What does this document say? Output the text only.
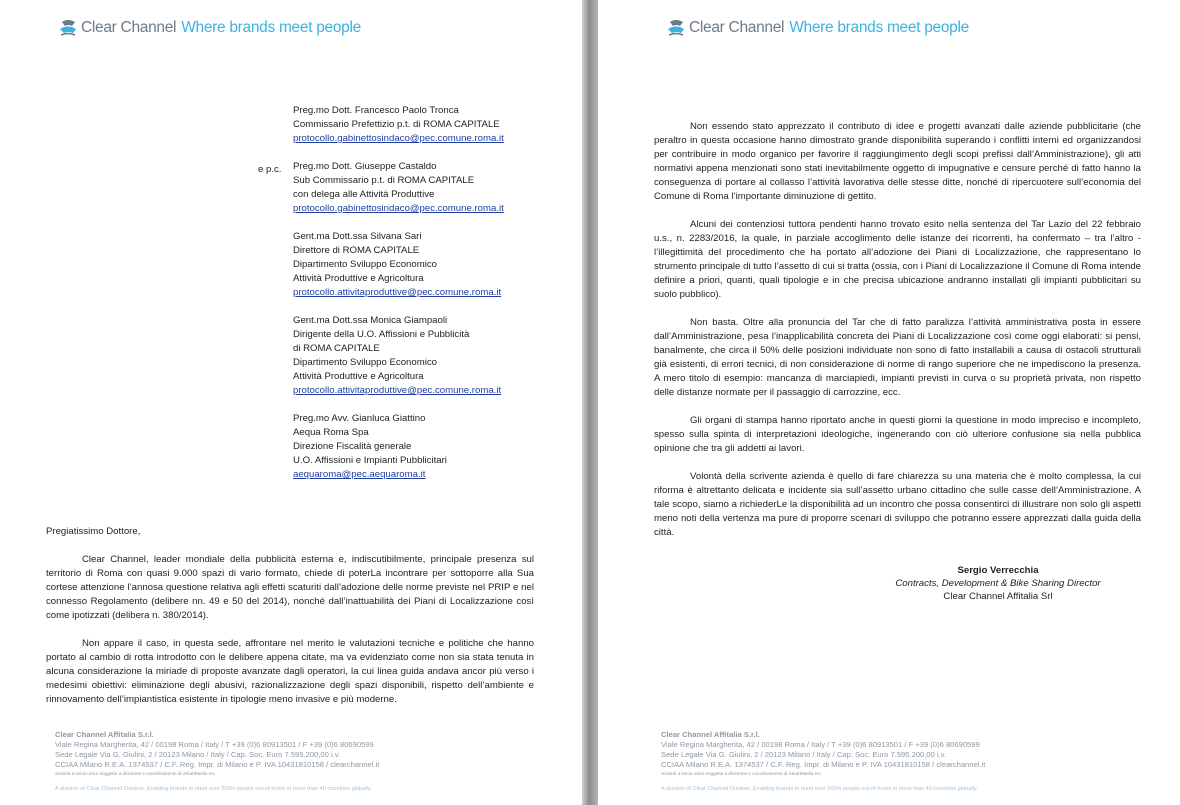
Clear Channel Where brands meet people
Preg.mo Dott. Francesco Paolo Tronca
Commissario Prefettizio p.t. di ROMA CAPITALE
protocollo.gabinettosindaco@pec.comune.roma.it
Preg.mo Dott. Giuseppe Castaldo
Sub Commissario p.t. di ROMA CAPITALE
con delega alle Attività Produttive
protocollo.gabinettosindaco@pec.comune.roma.it
Gent.ma Dott.ssa Silvana Sari
Direttore di ROMA CAPITALE
Dipartimento Sviluppo Economico
Attività Produttive e Agricoltura
protocollo.attivitaproduttive@pec.comune.roma.it
Gent.ma Dott.ssa Monica Giampaoli
Dirigente della U.O. Affissioni e Pubblicità
di ROMA CAPITALE
Dipartimento Sviluppo Economico
Attività Produttive e Agricoltura
protocollo.attivitaproduttive@pec.comune.roma.it
Preg.mo Avv. Gianluca Giattino
Aequa Roma Spa
Direzione Fiscalità generale
U.O. Affissioni e Impianti Pubblicitari
aequaroma@pec.aequaroma.it
e p.c.

Pregiatissimo Dottore,

Clear Channel, leader mondiale della pubblicità esterna e, indiscutibilmente, principale presenza sul territorio di Roma con quasi 9.000 spazi di vario formato, chiede di poterLa incontrare per sottoporre alla Sua cortese attenzione l’annosa questione relativa agli effetti scaturiti dall’adozione delle norme previste nel PRIP e nel connesso Regolamento (delibere nn. 49 e 50 del 2014), nonché dall’inattuabilità dei Piani di Localizzazione così come ipotizzati (delibera n. 380/2014).

Non appare il caso, in questa sede, affrontare nel merito le valutazioni tecniche e politiche che hanno portato al cambio di rotta introdotto con le delibere appena citate, ma va evidenziato come non sia stata tenuta in alcuna considerazione la miriade di proposte avanzate dagli operatori, la cui linea guida andava ancor più verso i medesimi obiettivi: eliminazione degli abusivi, razionalizzazione degli spazi disponibili, rispetto dell’ambiente e rinnovamento dell’impiantistica esistente in tipologie meno invasive e più moderne.

Clear Channel Affitalia S.r.l.
Viale Regina Margherita, 42 / 00198 Roma / Italy / T +39 (0)6 80913501 / F +39 (0)6 80690599
Sede Legale Via G. Giulini, 2 / 20123 Milano / Italy / Cap. Soc. Euro 7.595.200,00 i.v.
CCIAA Milano R.E.A. 1374537 / C.F. Reg. Impr. di Milano e P. IVA 10431810158 / clearchannel.it
Società a socio unico soggetta a direzione e coordinamento di iHeartMedia Inc.
A division of Clear Channel Outdoor. Enabling brands to meet over 500m people out-of-home in more than 40 countries globally.
Clear Channel Where brands meet people

Non essendo stato apprezzato il contributo di idee e progetti avanzati dalle aziende pubblicitarie (che peraltro in questa occasione hanno dimostrato grande disponibilità superando i conflitti interni ed organizzandosi per contribuire in modo organico per favorire il raggiungimento degli scopi prefissi dall’Amministrazione), gli atti normativi appena menzionati sono stati inevitabilmente oggetto di impugnative e censure perché di fatto hanno la conseguenza di portare al collasso l’attività lavorativa delle stesse ditte, nonché di ripercuotere sull’economia del Comune di Roma l’importante diminuzione di gettito.

Alcuni dei contenziosi tuttora pendenti hanno trovato esito nella sentenza del Tar Lazio del 22 febbraio u.s., n. 2283/2016, la quale, in parziale accoglimento delle istanze dei ricorrenti, ha confermato – tra l’altro - l’illegittimità del procedimento che ha portato all’adozione dei Piani di Localizzazione, che rappresentano lo strumento principale di tutto l’assetto di cui si tratta (ossia, con i Piani di Localizzazione il Comune di Roma intende definire a priori, quanti, quali tipologie e in che precisa ubicazione andranno installati gli impianti pubblicitari su suolo pubblico).

Non basta. Oltre alla pronuncia del Tar che di fatto paralizza l’attività amministrativa posta in essere dall’Amministrazione, pesa l’inapplicabilità concreta dei Piani di Localizzazione così come oggi elaborati: si pensi, banalmente, che circa il 50% delle posizioni individuate non sono di fatto installabili a causa di ostacoli strutturali già esistenti, di errori tecnici, di non considerazione di norme di rango superiore che ne impediscono la presenza. A mero titolo di esempio: mancanza di marciapiedi, impianti previsti in curva o su proprietà privata, non rispetto delle distanze normate per il passaggio di carrozzine, ecc.

Gli organi di stampa hanno riportato anche in questi giorni la questione in modo impreciso e incompleto, spesso sulla spinta di interpretazioni ideologiche, ingenerando con ciò ulteriore confusione sia nella pubblica opinione che tra gli addetti ai lavori.

Volontà della scrivente azienda è quello di fare chiarezza su una materia che è molto complessa, la cui riforma è altrettanto delicata e incidente sia sull’assetto urbano cittadino che sulle casse dell’Amministrazione. A tale scopo, siamo a richiederLe la disponibilità ad un incontro che possa consentirci di illustrare non solo gli aspetti meno noti della vertenza ma pure di proporre scenari di sviluppo che potranno essere apprezzati dalla guida della città.

Sergio Verrecchia
Contracts, Development & Bike Sharing Director
Clear Channel Affitalia Srl
Clear Channel Affitalia S.r.l.
Viale Regina Margherita, 42 / 00198 Roma / Italy / T +39 (0)6 80913501 / F +39 (0)6 80690599
Sede Legale Via G. Giulini, 2 / 20123 Milano / Italy / Cap. Soc. Euro 7.595.200,00 i.v.
CCIAA Milano R.E.A. 1374537 / C.F. Reg. Impr. di Milano e P. IVA 10431810158 / clearchannel.it
Società a socio unico soggetta a direzione e coordinamento di iHeartMedia Inc.
A division of Clear Channel Outdoor. Enabling brands to meet over 500m people out-of-home in more than 40 countries globally.
